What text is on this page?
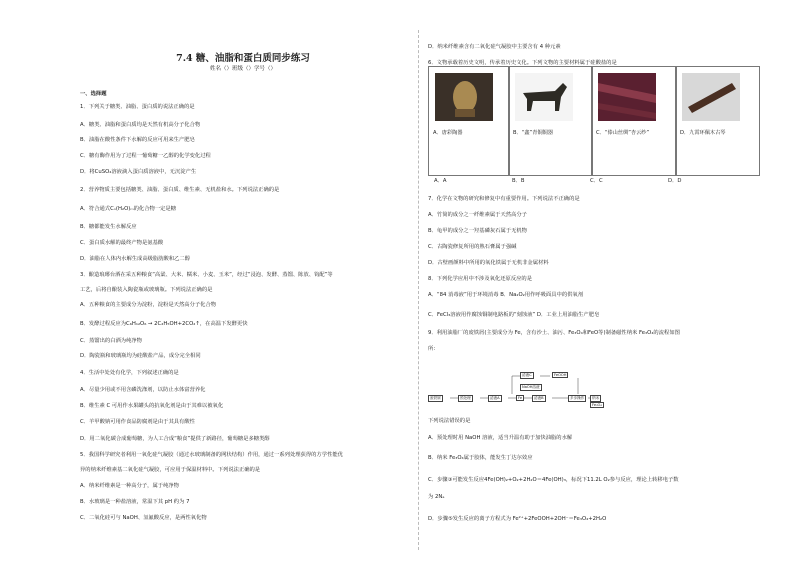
7.4 糖、油脂和蛋白质同步练习
姓名（）班级（）学号（）
一、选择题
1．下列关于糖类、油脂、蛋白质的说法正确的是
A．糖类、油脂和蛋白质均是天然有机高分子化合物
B．油脂在酸性条件下水解的反应可用来生产肥皂
C．糖有酶作用为了过程一葡萄糖一乙醇的化学变化过程
D．将CuSO₄溶液滴入蛋白质溶液中，无沉淀产生
2．营养物质主要包括糖类、油脂、蛋白质、维生素、无机盐和水。下列说法正确的是
A．符合通式Cₙ(H₂O)ₘ的化合物一定是糖
B．糖都能发生水解反应
C．蛋白质水解的最终产物是氨基酸
D．油脂在人体内水解生成高级脂肪酸和乙二醇
3．酿造琅琊台酒在采五种粮食“高粱、大米、糯米、小麦、玉米”，经过“浸泡、发酵、蒸馏、陈放、钩配”等
工艺，后将自酿装入陶瓷瓶或玻璃瓶。下列说法正确的是
A．五种粮食的主要成分为淀粉，淀粉是天然高分子化合物
B．发酵过程反应为C₆H₁₂O₆ → 2C₂H₅OH+2CO₂↑，在高温下发酵更快
C．蒸馏出的白酒为纯净物
D．陶瓷瓶和玻璃瓶均为硅酸盐产品，成分完全相同
4．生活中处处有化学，下列叙述正确的是
A．尽量少用或不用含磷洗涤剂，以防止水体富营养化
B．维生素 C 可用作水果罐头的抗氧化剂是由于其难以被氧化
C．羊甲酸钠可用作食品防腐剂是由于其具有酸性
D．用二氧化碳合成葡萄糖，为人工合成“粮食”提供了新路径，葡萄糖是多糖类醇
5．我国科学研究者利用一氧化硅气凝胶（通过水玻璃制备的网状结构）作用，通过一系列处理获得的方学性能优
异的纳米纤维素基二氧化硅气凝胶，可应用于保温材料中。下列说法正确的是
A．纳米纤维素是一种高分子，属于纯净物
B．水玻璃是一种盐溶液，常温下其 pH 约为 7
C．二氧化硅可与 NaOH、氢氟酸反应，是两性氧化物
D．纳米纤维素含有二氧化硅气凝胶中主要含有 4 种元素
6．文物承载着历史文明，传承着历史文化。下列文物的主要材料属于硅酸盐的是
A．唐彩陶器	B．“鑫”青铜铜器	C．“傣山丝绸”杏云纱”	D．九霄环佩木古琴
A．A	B．B	C．C	D．D
7．化学在文物的研究和修复中有重要作用。下列说法不正确的是
A．竹简的成分之一纤维素属于天然高分子
B．龟甲的成分之一羟基磷灰石属于无机物
C．古陶瓷修复所用的熟石膏属于强碱
D．古壁画颜料中所用的氧化铁属于无机非金属材料
8．下列化学应用中不涉及氧化还原反应的是
A．“84 消毒液”用于环境消毒 B．Na₂O₂用作呼吸面具中的供氧剂
C．FeCl₃溶液用作腐蚀铜制电路板的“刻蚀液” D．工业上用油脂生产肥皂
9．利用油脂厂的废铁屑(主要成分为 Fe，含有沙土、油污、Fe₃O₄和FeO等)制备磁性纳米 Fe₃O₄的流程如图
所：
废铁屑	预处理	滤液A	Fe	滤液B
滤液C	FeOOH
Fe₃O₄
NaOH溶液
多步操作	纳米
下列说法错误的是
A．预处理时用 NaOH 溶液，适当升温有助于加快油脂的水解
B．纳米 Fe₃O₄属于胶体，能发生丁达尔效应
C．步骤③可能发生反应4Fe(OH)₂+O₂+2H₂O＝4Fe(OH)₃，标况下11.2L O₂参与反应，理论上转移电子数
为 2Nₐ
D．步骤⑤发生反应的离子方程式为 Fe²⁺+2FeOOH+2OH⁻＝Fe₃O₄+2H₂O
